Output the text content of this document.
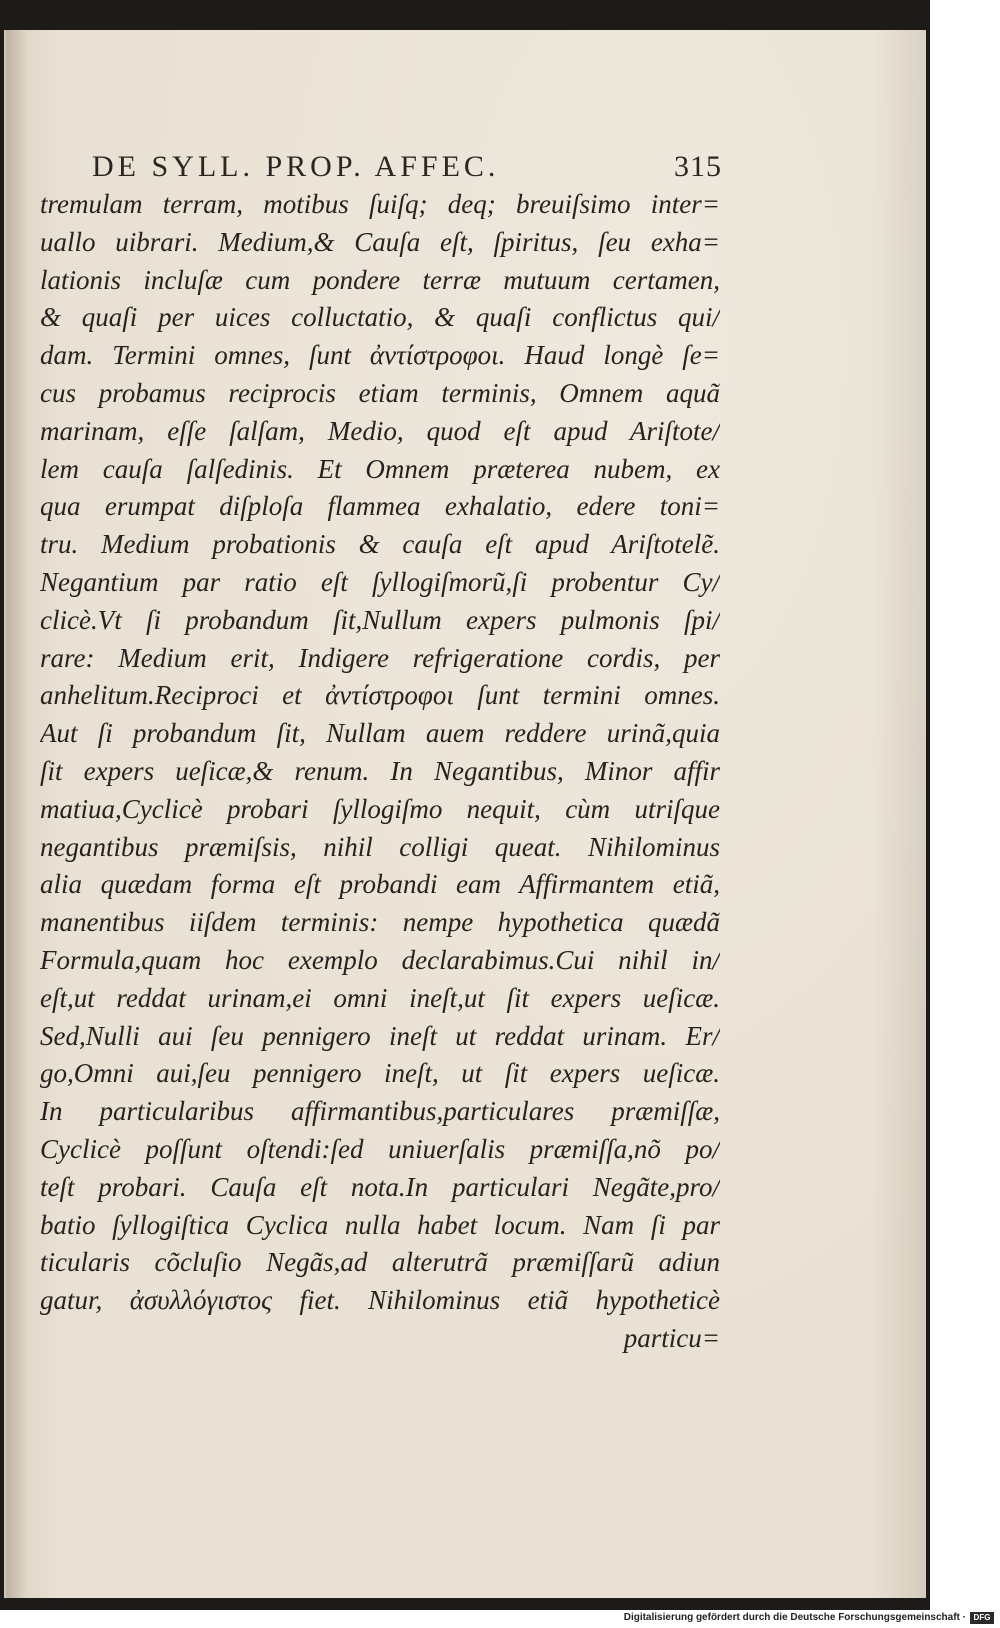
DE SYLL. PROP. AFFEC.	315
tremulam terram, motibus ſuiſq; deq; breuiſsimo inter=
uallo uibrari. Medium,& Cauſa eſt, ſpiritus, ſeu exha=
lationis incluſæ cum pondere terræ mutuum certamen,
& quaſi per uices colluctatio, & quaſi conflictus qui/
dam. Termini omnes, ſunt ἀντίστροφοι. Haud longè ſe=
cus probamus reciprocis etiam terminis, Omnem aquã
marinam, eſſe ſalſam, Medio, quod eſt apud Ariſtote/
lem cauſa ſalſedinis. Et Omnem præterea nubem, ex
qua erumpat diſploſa flammea exhalatio, edere toni=
tru. Medium probationis & cauſa eſt apud Ariſtotelẽ.
Negantium par ratio eſt ſyllogiſmorũ,ſi probentur Cy/
clicè.Vt ſi probandum ſit,Nullum expers pulmonis ſpi/
rare: Medium erit, Indigere refrigeratione cordis, per
anhelitum.Reciproci et ἀντίστροφοι ſunt termini omnes.
Aut ſi probandum ſit, Nullam auem reddere urinã,quia
ſit expers ueſicæ,& renum. In Negantibus, Minor affir
matiua,Cyclicè probari ſyllogiſmo nequit, cùm utriſque
negantibus præmiſsis, nihil colligi queat. Nihilominus
alia quædam forma eſt probandi eam Affirmantem etiã,
manentibus iiſdem terminis: nempe hypothetica quædã
Formula,quam hoc exemplo declarabimus.Cui nihil in/
eſt,ut reddat urinam,ei omni ineſt,ut ſit expers ueſicæ.
Sed,Nulli aui ſeu pennigero ineſt ut reddat urinam. Er/
go,Omni aui,ſeu pennigero ineſt, ut ſit expers ueſicæ.
In particularibus affirmantibus,particulares præmiſſæ,
Cyclicè poſſunt oſtendi:ſed uniuerſalis præmiſſa,nõ po/
teſt probari. Cauſa eſt nota.In particulari Negãte,pro/
batio ſyllogiſtica Cyclica nulla habet locum. Nam ſi par
ticularis cõcluſio Negãs,ad alterutrã præmiſſarũ adiun
gatur, ἀσυλλόγιστος fiet. Nihilominus etiã hypotheticè
particu=
Digitalisierung gefördert durch die Deutsche Forschungsgemeinschaft · DFG
